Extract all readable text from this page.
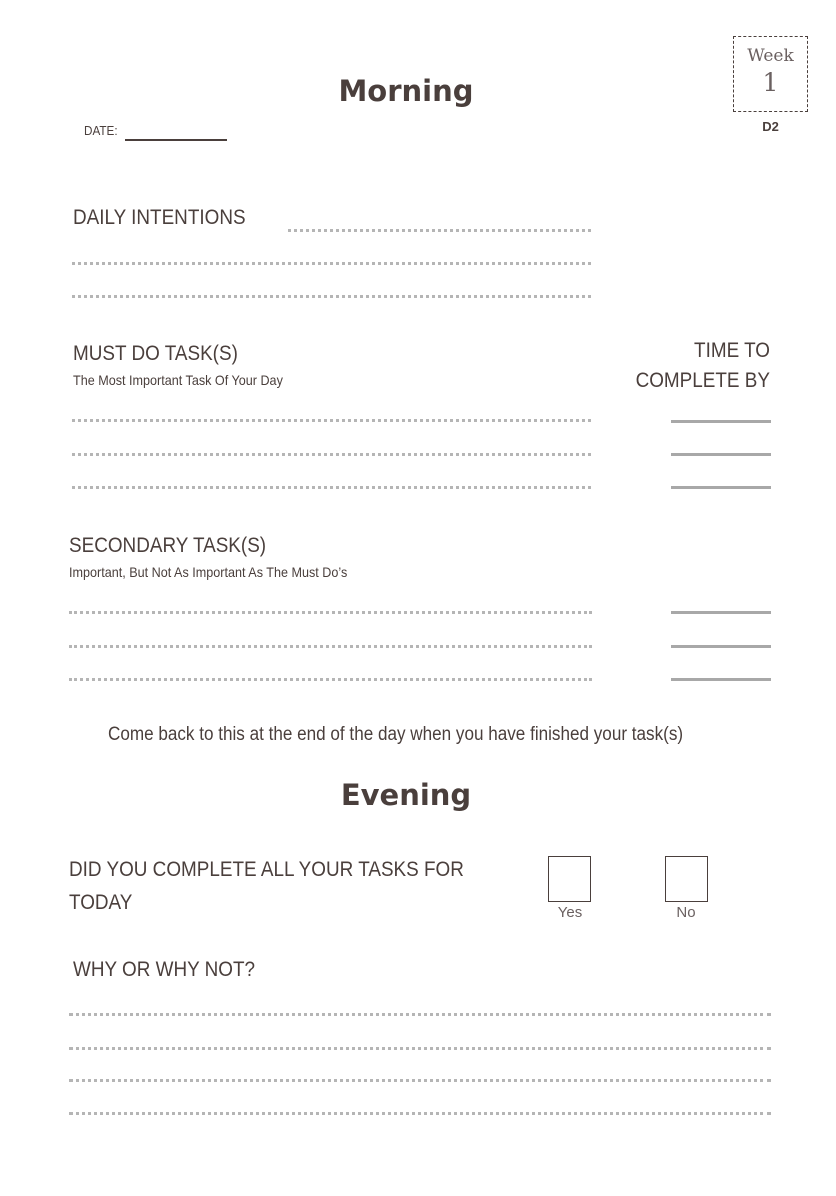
Morning
DATE:
Week
1
D2
DAILY INTENTIONS
MUST DO TASK(S)
The Most Important Task Of Your Day
TIME TO
COMPLETE BY
SECONDARY TASK(S)
Important, But Not As Important As The Must Do’s
Come back to this at the end of the day when you have finished your task(s)
Evening
DID YOU COMPLETE ALL YOUR TASKS FOR
TODAY	Yes	No
WHY OR WHY NOT?
